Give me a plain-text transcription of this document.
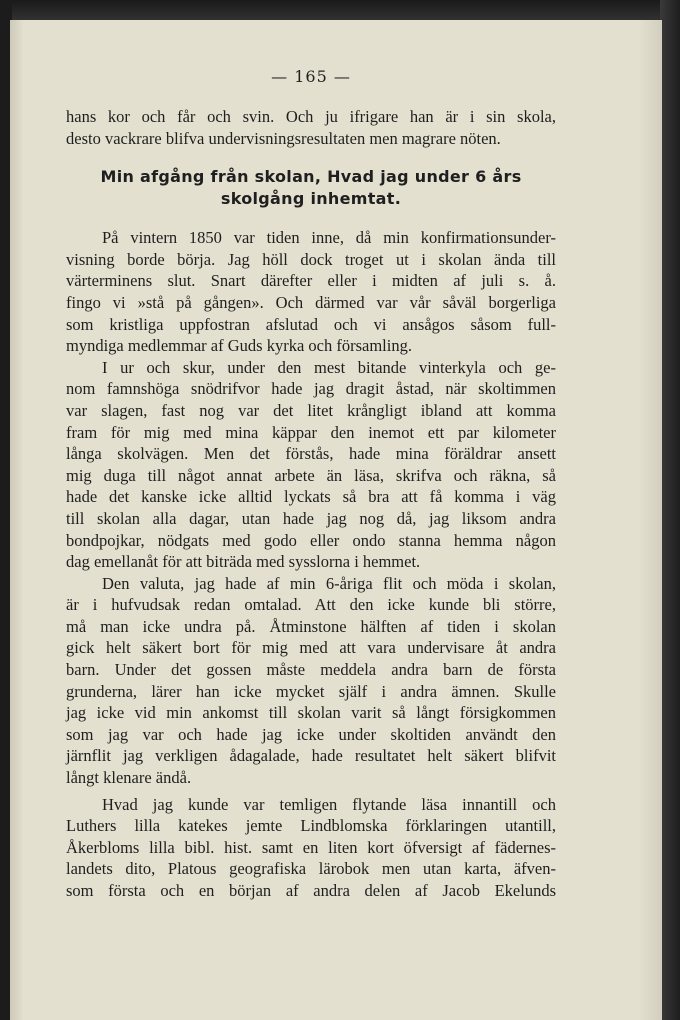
— 165 —
hans kor och får och svin. Och ju ifrigare han är i sin skola,
desto vackrare blifva undervisningsresultaten men magrare nöten.
Min afgång från skolan, Hvad jag under 6 års
skolgång inhemtat.
På vintern 1850 var tiden inne, då min konfirmationsunder-
visning borde börja. Jag höll dock troget ut i skolan ända till
värterminens slut. Snart därefter eller i midten af juli s. å.
fingo vi »stå på gången». Och därmed var vår såväl borgerliga
som kristliga uppfostran afslutad och vi ansågos såsom full-
myndiga medlemmar af Guds kyrka och församling.
I ur och skur, under den mest bitande vinterkyla och ge-
nom famnshöga snödrifvor hade jag dragit åstad, när skoltimmen
var slagen, fast nog var det litet krångligt ibland att komma
fram för mig med mina käppar den inemot ett par kilometer
långa skolvägen. Men det förstås, hade mina föräldrar ansett
mig duga till något annat arbete än läsa, skrifva och räkna, så
hade det kanske icke alltid lyckats så bra att få komma i väg
till skolan alla dagar, utan hade jag nog då, jag liksom andra
bondpojkar, nödgats med godo eller ondo stanna hemma någon
dag emellanåt för att biträda med sysslorna i hemmet.
Den valuta, jag hade af min 6-åriga flit och möda i skolan,
är i hufvudsak redan omtalad. Att den icke kunde bli större,
må man icke undra på. Åtminstone hälften af tiden i skolan
gick helt säkert bort för mig med att vara undervisare åt andra
barn. Under det gossen måste meddela andra barn de första
grunderna, lärer han icke mycket själf i andra ämnen. Skulle
jag icke vid min ankomst till skolan varit så långt försigkommen
som jag var och hade jag icke under skoltiden användt den
järnflit jag verkligen ådagalade, hade resultatet helt säkert blifvit
långt klenare ändå.
Hvad jag kunde var temligen flytande läsa innantill och
Luthers lilla katekes jemte Lindblomska förklaringen utantill,
Åkerbloms lilla bibl. hist. samt en liten kort öfversigt af fädernes-
landets dito, Platous geografiska lärobok men utan karta, äfven-
som första och en början af andra delen af Jacob Ekelunds
